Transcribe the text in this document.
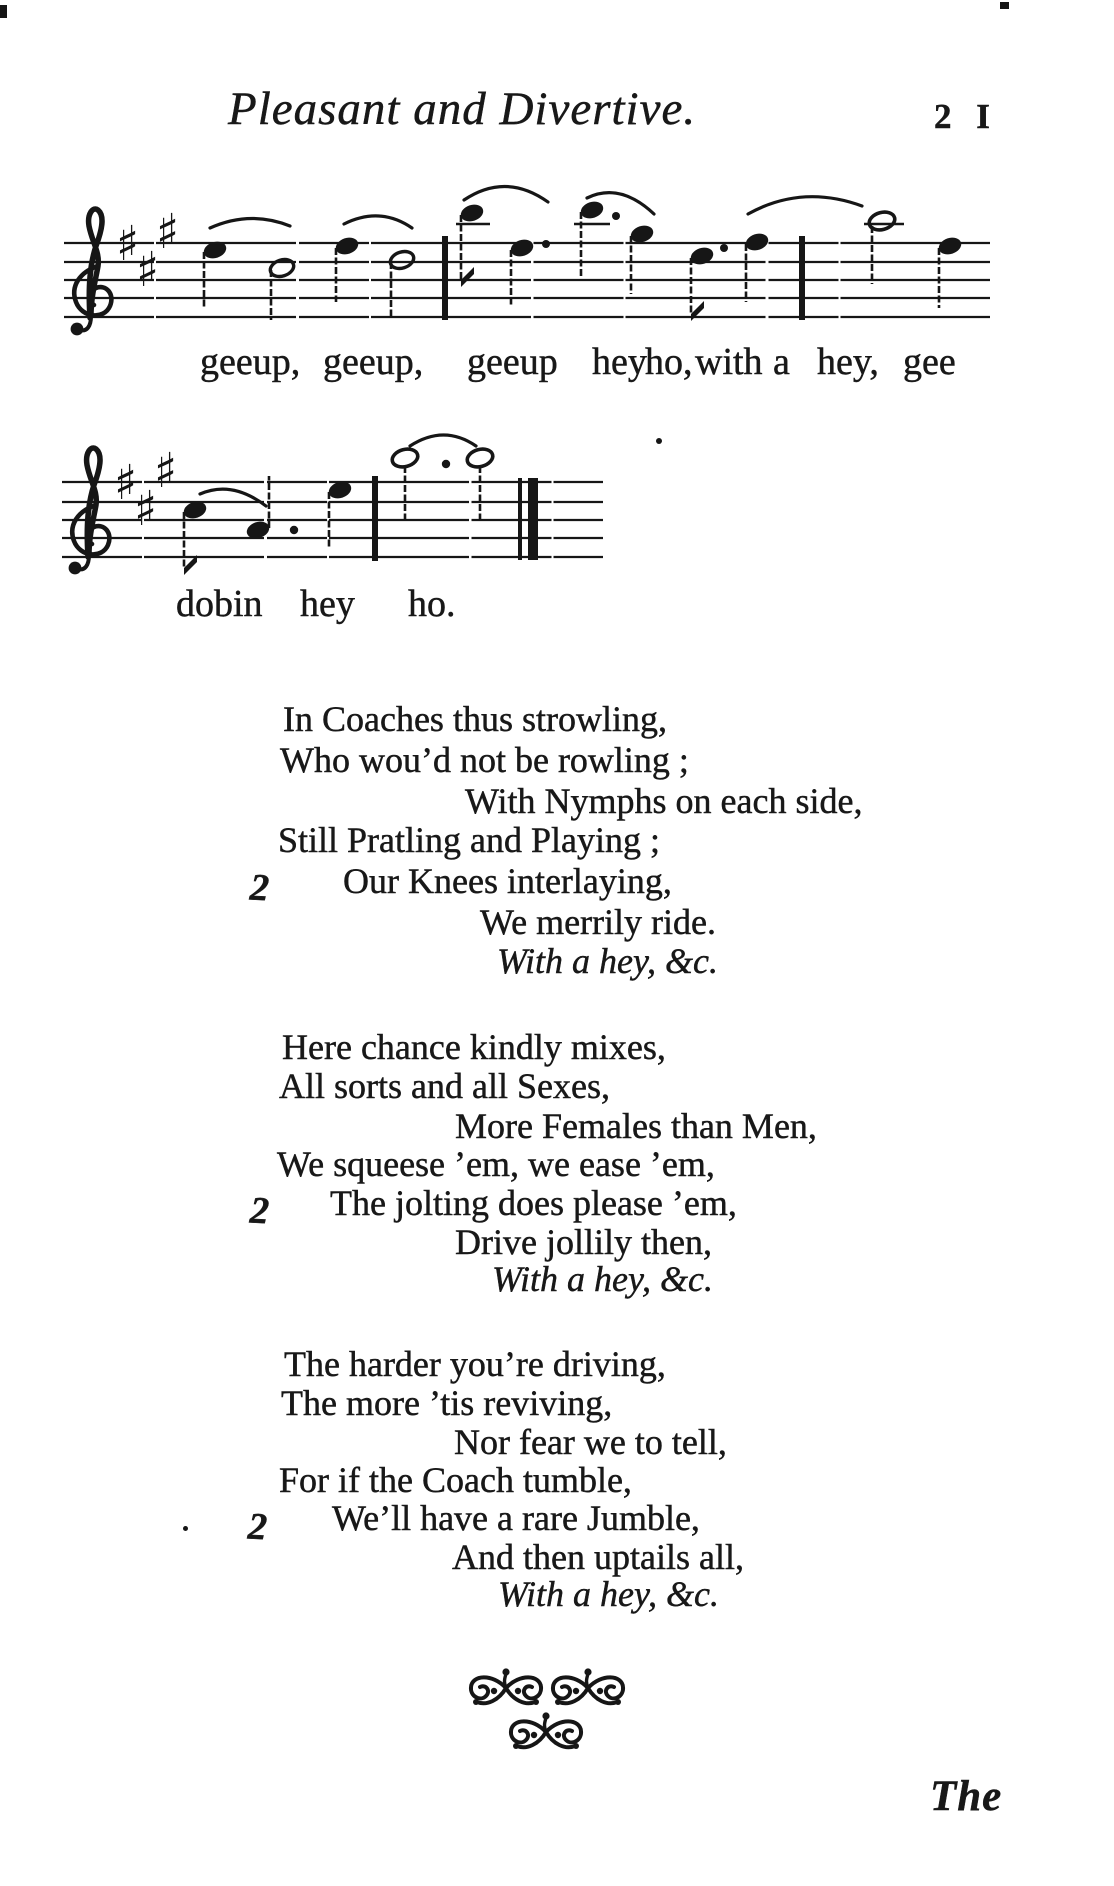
Pleasant and Divertive.	2 I
♯
♯
♯
geeup, geeup, geeup hey
ho, with a hey, gee
♯
♯
♯
dobin hey ho.
In Coaches thus strowling,
Who wou’d not be rowling ;
With Nymphs on each side,
Still Pratling and Playing ;
2 Our Knees interlaying,
We merrily ride.
With a hey, &c.
Here chance kindly mixes,
All sorts and all Sexes,
More Females than Men,
We squeese ’em, we ease ’em,
2 The jolting does please ’em,
Drive jollily then,
With a hey, &c.
The harder you’re driving,
The more ’tis reviving,
Nor fear we to tell,
For if the Coach tumble,
2 We’ll have a rare Jumble,
And then uptails all,
With a hey, &c.
The
